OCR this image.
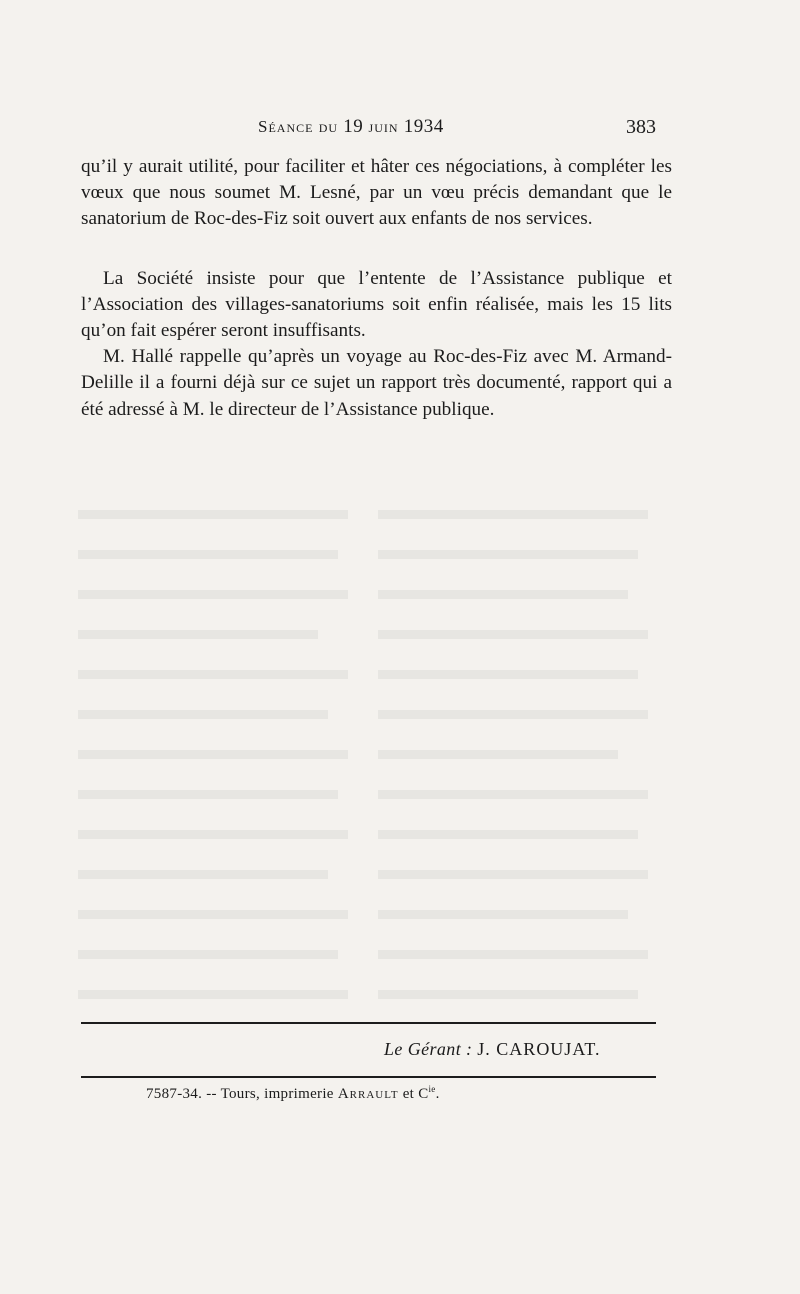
Séance du 19 juin 1934	383

qu’il y aurait utilité, pour faciliter et hâter ces négociations, à compléter les vœux que nous soumet M. Lesné, par un vœu précis demandant que le sanatorium de Roc-des-Fiz soit ouvert aux enfants de nos services.

La Société insiste pour que l’entente de l’Assistance publique et l’Association des villages-sanatoriums soit enfin réalisée, mais les 15 lits qu’on fait espérer seront insuffisants.

M. Hallé rappelle qu’après un voyage au Roc-des-Fiz avec M. Armand-Delille il a fourni déjà sur ce sujet un rapport très documenté, rapport qui a été adressé à M. le directeur de l’Assistance publique.

Le Gérant : J. CAROUJAT.
7587-34. -- Tours, imprimerie Arrault et $C^{ie}$.
